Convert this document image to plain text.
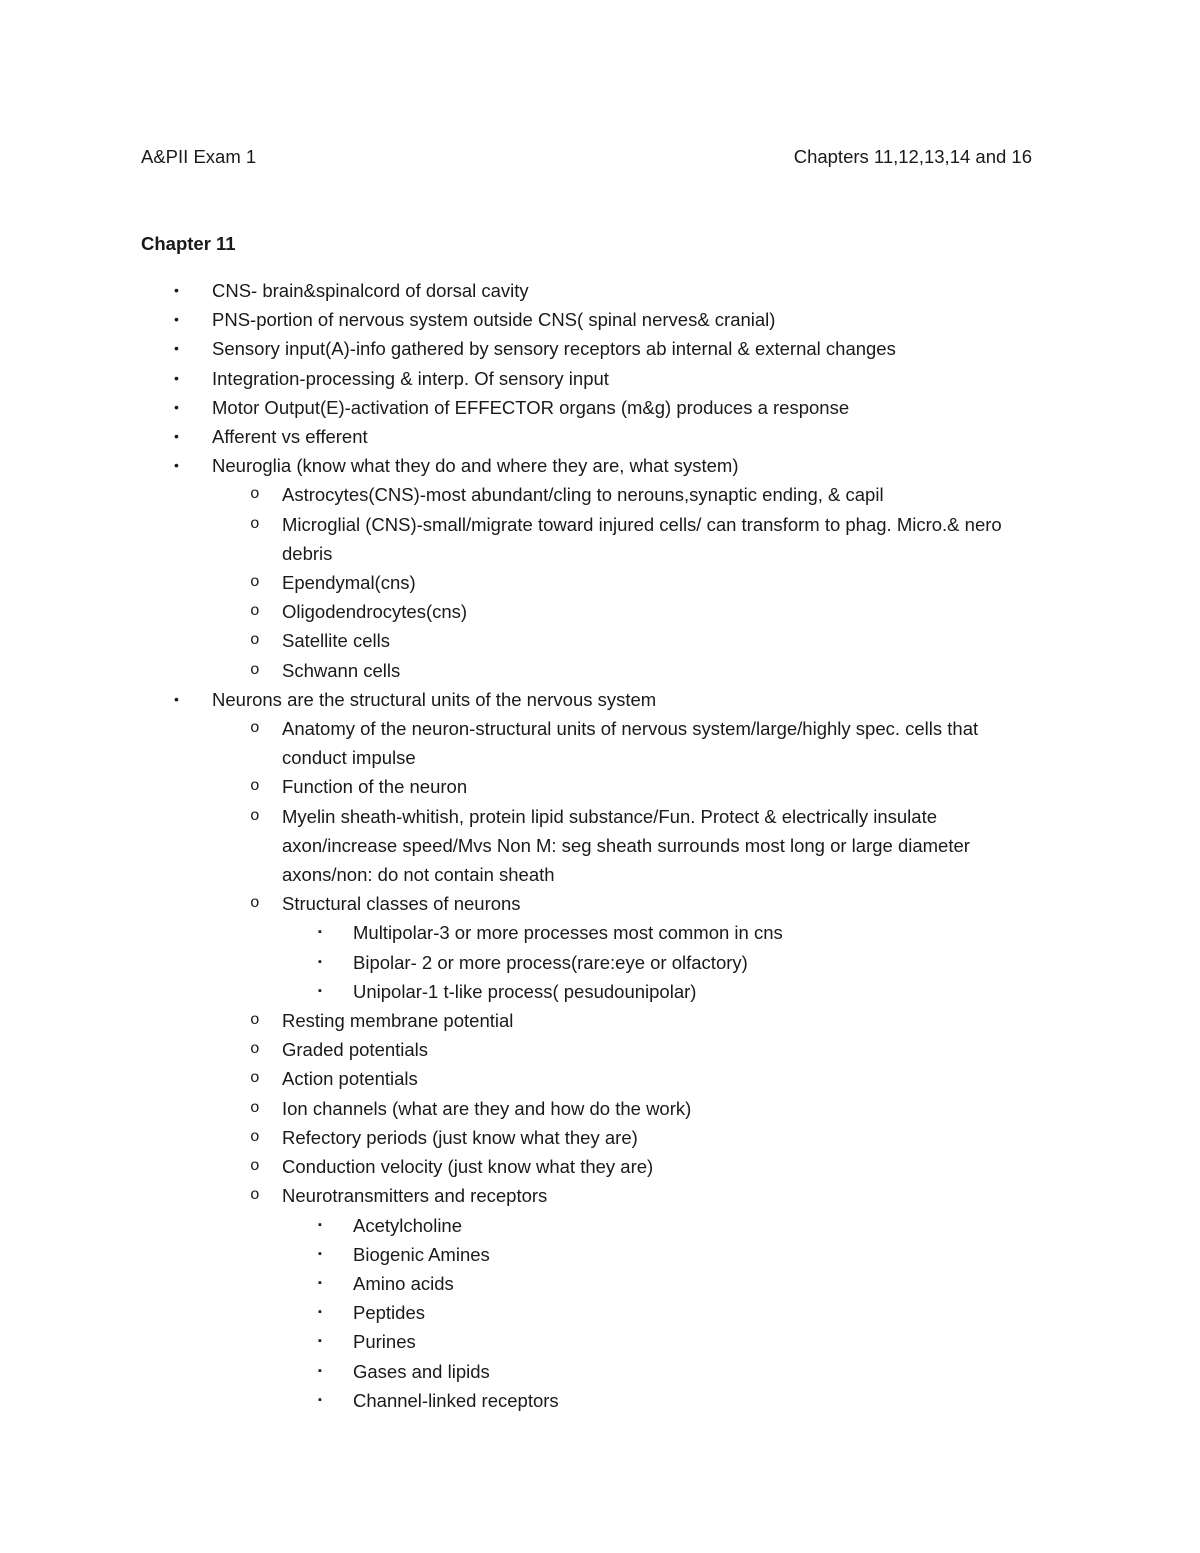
A&PII Exam 1	Chapters 11,12,13,14 and 16
Chapter 11
• CNS- brain&spinalcord of dorsal cavity
• PNS-portion of nervous system outside CNS( spinal nerves& cranial)
• Sensory input(A)-info gathered by sensory receptors ab internal & external changes
• Integration-processing & interp. Of sensory input
• Motor Output(E)-activation of EFFECTOR organs (m&g) produces a response
• Afferent vs efferent
• Neuroglia (know what they do and where they are, what system)
o Astrocytes(CNS)-most abundant/cling to nerouns,synaptic ending, & capil
o Microglial (CNS)-small/migrate toward injured cells/ can transform to phag. Micro.& nero debris
o Ependymal(cns)
o Oligodendrocytes(cns)
o Satellite cells
o Schwann cells
• Neurons are the structural units of the nervous system
o Anatomy of the neuron-structural units of nervous system/large/highly spec. cells that conduct impulse
o Function of the neuron
o Myelin sheath-whitish, protein lipid substance/Fun. Protect & electrically insulate axon/increase speed/Mvs Non M: seg sheath surrounds most long or large diameter axons/non: do not contain sheath
o Structural classes of neurons
▪ Multipolar-3 or more processes most common in cns
▪ Bipolar- 2 or more process(rare:eye or olfactory)
▪ Unipolar-1 t-like process( pesudounipolar)
o Resting membrane potential
o Graded potentials
o Action potentials
o Ion channels (what are they and how do the work)
o Refectory periods (just know what they are)
o Conduction velocity (just know what they are)
o Neurotransmitters and receptors
▪ Acetylcholine
▪ Biogenic Amines
▪ Amino acids
▪ Peptides
▪ Purines
▪ Gases and lipids
▪ Channel-linked receptors
